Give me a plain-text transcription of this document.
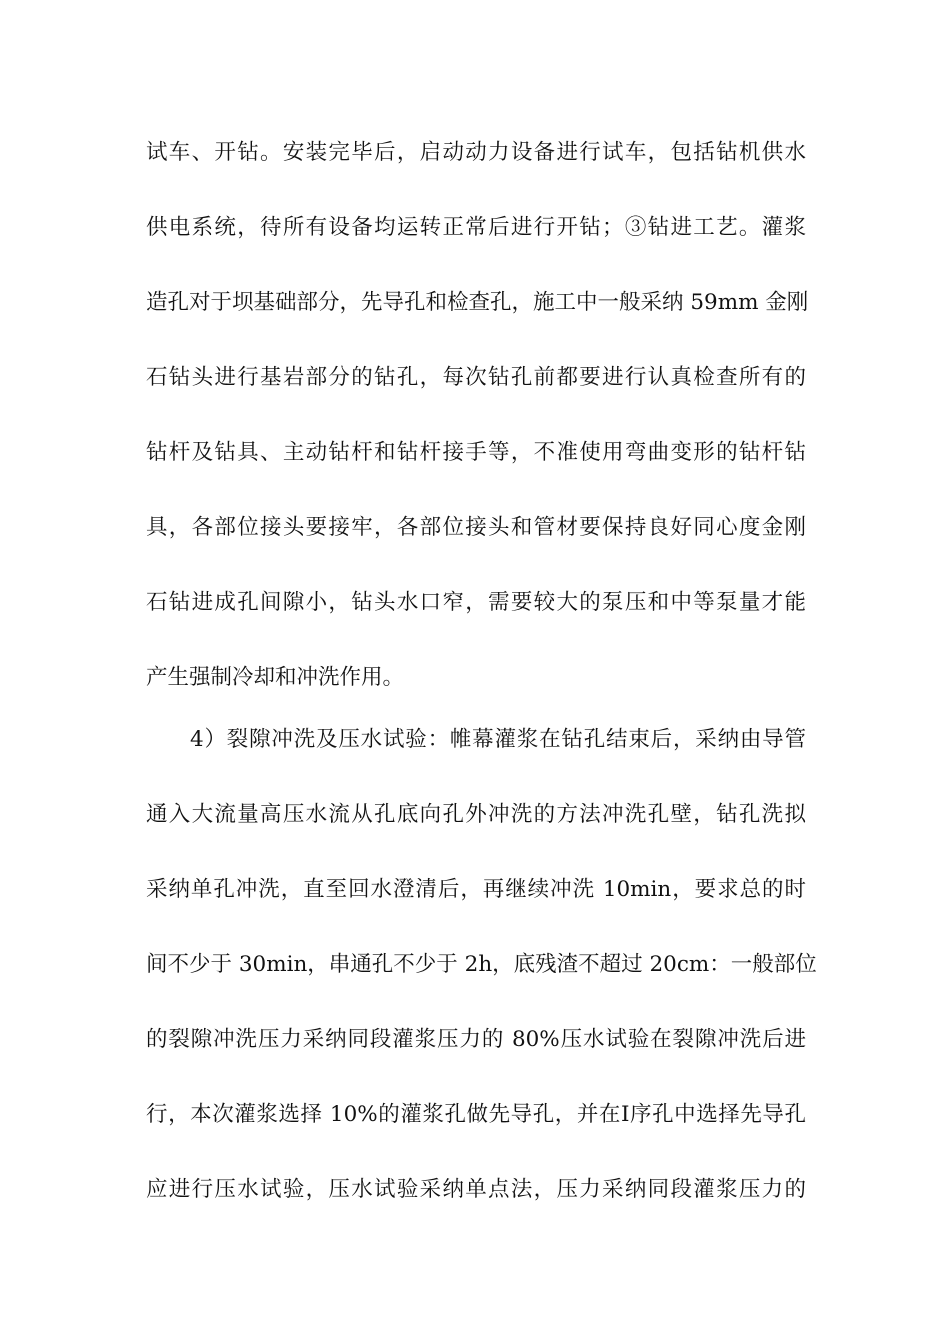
试车、开钻。安装完毕后，启动动力设备进行试车，包括钻机供水
供电系统，待所有设备均运转正常后进行开钻；③钻进工艺。灌浆
造孔对于坝基础部分，先导孔和检查孔，施工中一般采纳 59mm 金刚
石钻头进行基岩部分的钻孔，每次钻孔前都要进行认真检查所有的
钻杆及钻具、主动钻杆和钻杆接手等，不准使用弯曲变形的钻杆钻
具，各部位接头要接牢，各部位接头和管材要保持良好同心度金刚
石钻进成孔间隙小，钻头水口窄，需要较大的泵压和中等泵量才能
产生强制冷却和冲洗作用。
4）裂隙冲洗及压水试验：帷幕灌浆在钻孔结束后，采纳由导管
通入大流量高压水流从孔底向孔外冲洗的方法冲洗孔壁，钻孔洗拟
采纳单孔冲洗，直至回水澄清后，再继续冲洗 10min，要求总的时
间不少于 30min，串通孔不少于 2h，底残渣不超过 20cm：一般部位
的裂隙冲洗压力采纳同段灌浆压力的 80%压水试验在裂隙冲洗后进
行，本次灌浆选择 10%的灌浆孔做先导孔，并在Ⅰ序孔中选择先导孔
应进行压水试验，压水试验采纳单点法，压力采纳同段灌浆压力的
